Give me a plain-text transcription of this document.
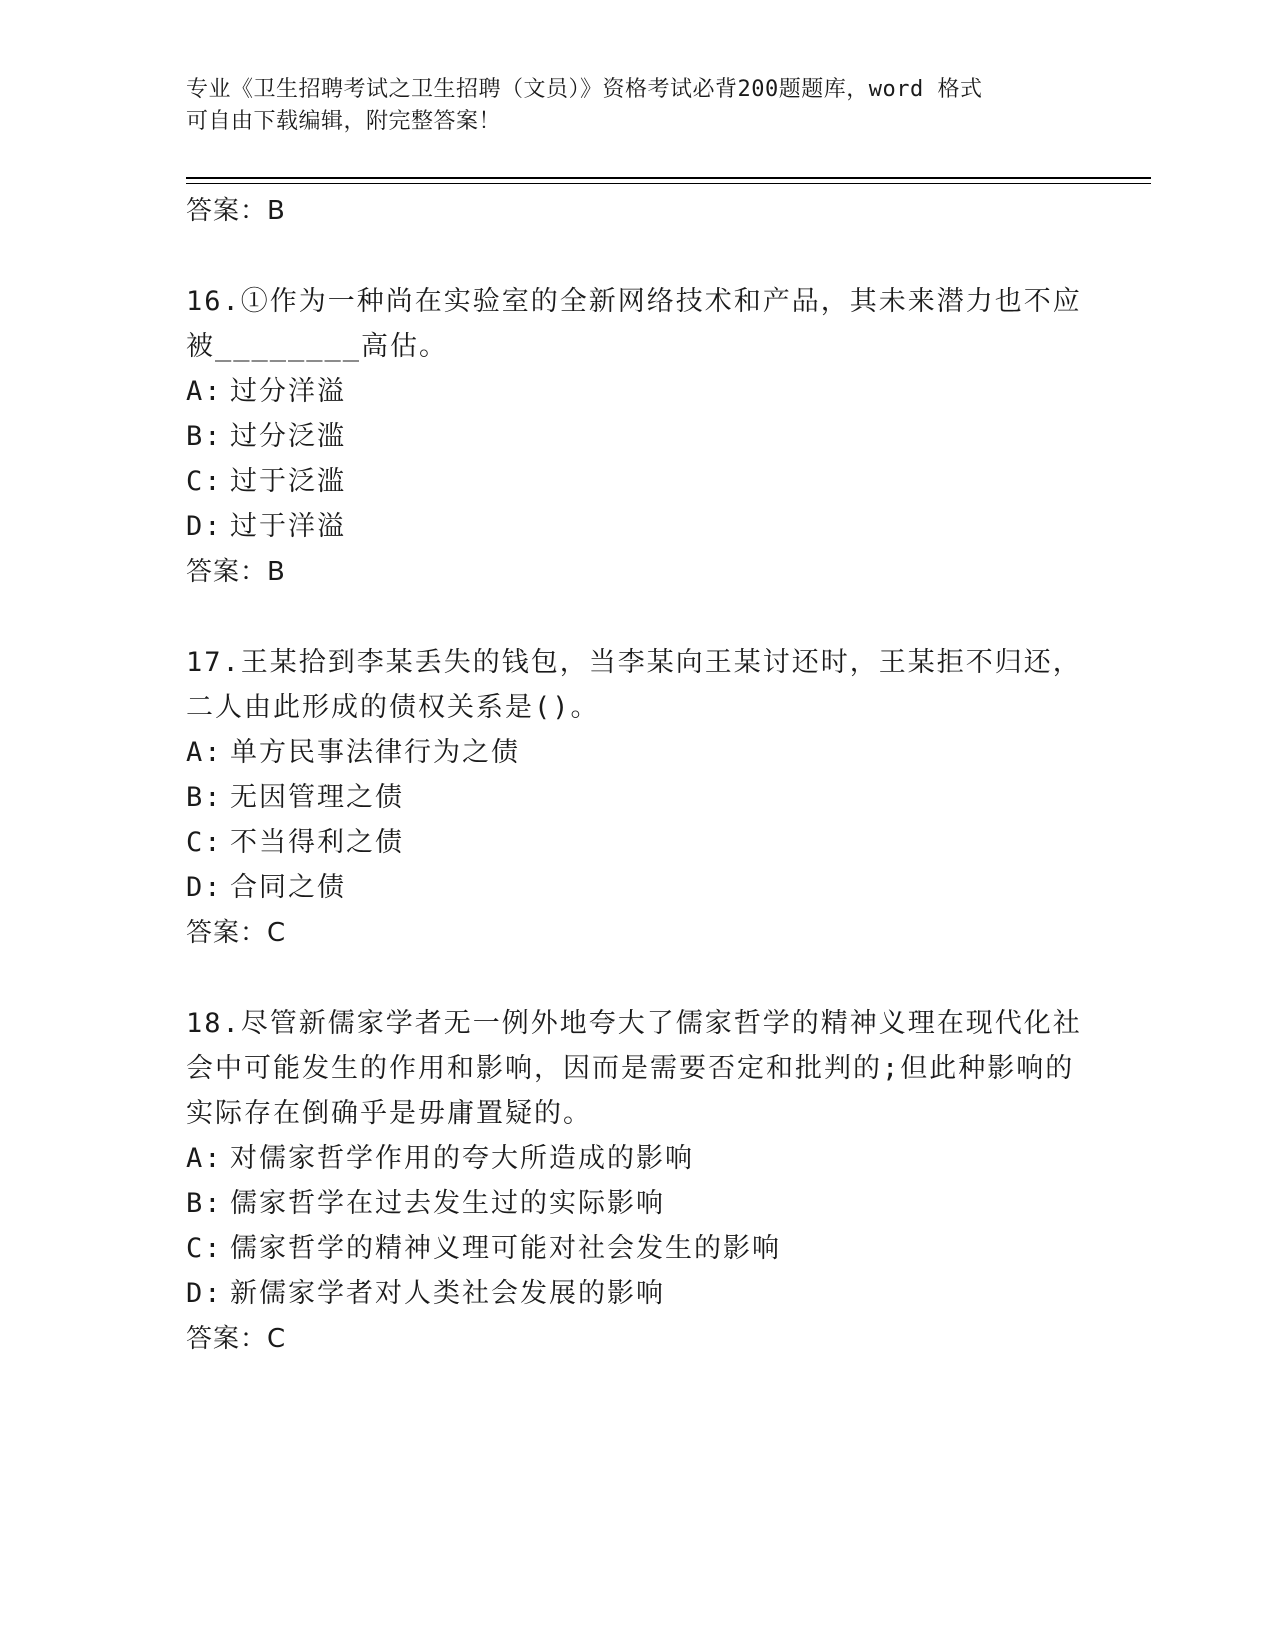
专业《卫生招聘考试之卫生招聘（文员）》资格考试必背200题题库，word 格式
可自由下载编辑，附完整答案！
答案：B
16.①作为一种尚在实验室的全新网络技术和产品，其未来潜力也不应
被________高估。
A: 过分洋溢
B: 过分泛滥
C: 过于泛滥
D: 过于洋溢
答案：B
17.王某拾到李某丢失的钱包，当李某向王某讨还时，王某拒不归还，
二人由此形成的债权关系是()。
A: 单方民事法律行为之债
B: 无因管理之债
C: 不当得利之债
D: 合同之债
答案：C
18.尽管新儒家学者无一例外地夸大了儒家哲学的精神义理在现代化社
会中可能发生的作用和影响，因而是需要否定和批判的;但此种影响的
实际存在倒确乎是毋庸置疑的。
A: 对儒家哲学作用的夸大所造成的影响
B: 儒家哲学在过去发生过的实际影响
C: 儒家哲学的精神义理可能对社会发生的影响
D: 新儒家学者对人类社会发展的影响
答案：C
